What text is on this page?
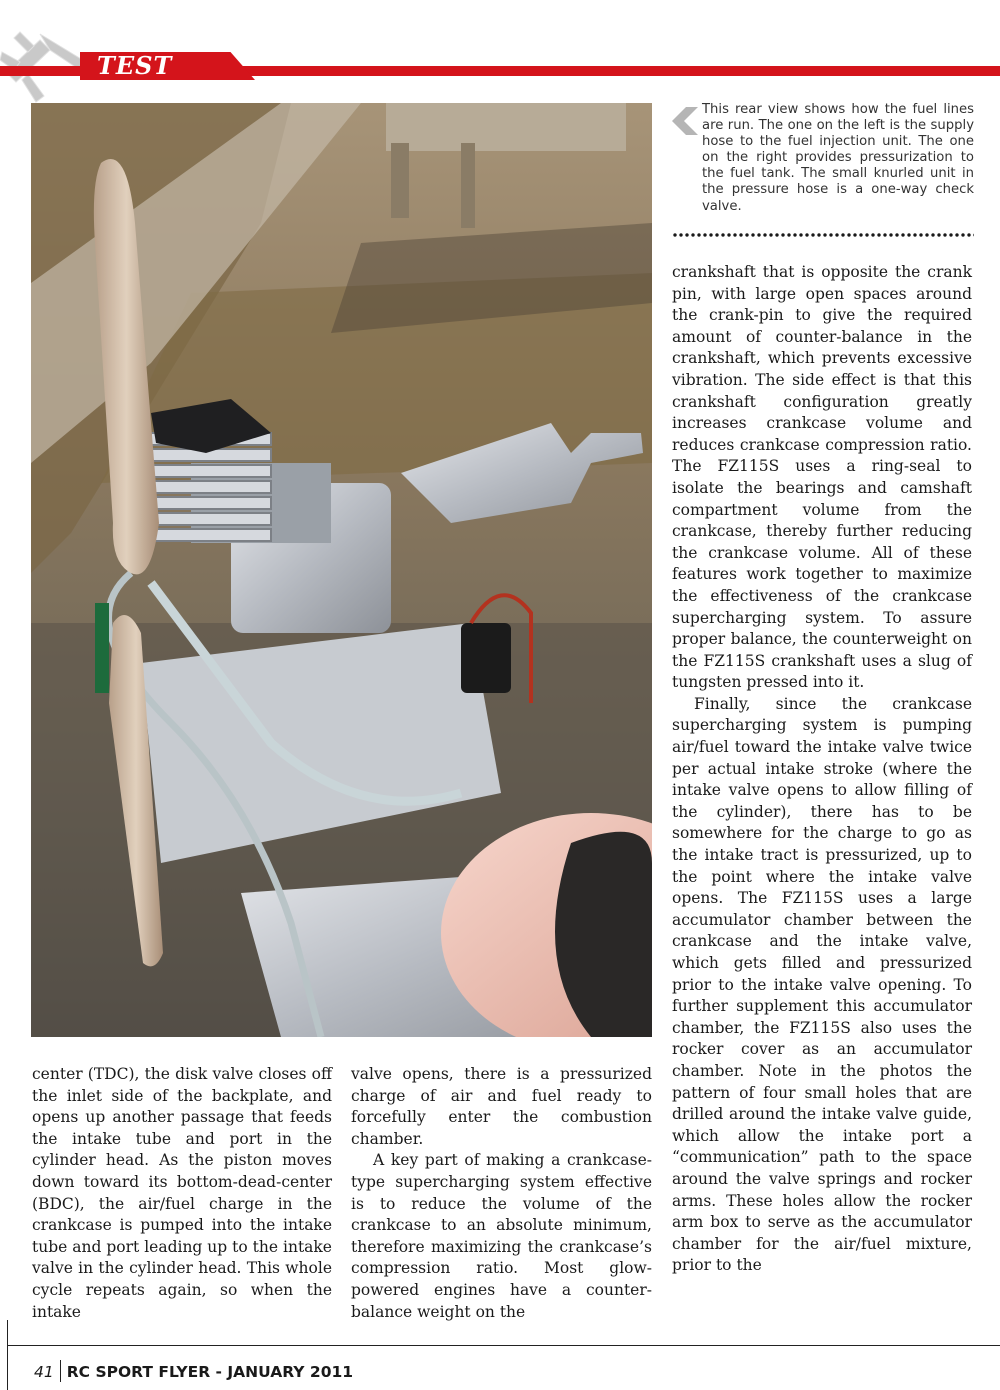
TEST
This rear view shows how the fuel lines are run. The one on the left is the supply hose to the fuel injection unit. The one on the right provides pressurization to the fuel tank. The small knurled unit in the pressure hose is a one-way check valve.

crankshaft that is opposite the crank pin, with large open spaces around the crank-pin to give the required amount of counter-balance in the crankshaft, which prevents excessive vibration. The side effect is that this crankshaft configuration greatly increases crankcase volume and reduces crankcase compression ratio. The FZ115S uses a ring-seal to isolate the bearings and camshaft compartment volume from the crankcase, thereby further reducing the crankcase volume. All of these features work together to maximize the effectiveness of the crankcase supercharging system. To assure proper balance, the counterweight on the FZ115S crankshaft uses a slug of tungsten pressed into it.

Finally, since the crankcase supercharging system is pumping air/fuel toward the intake valve twice per actual intake stroke (where the intake valve opens to allow filling of the cylinder), there has to be somewhere for the charge to go as the intake tract is pressurized, up to the point where the intake valve opens. The FZ115S uses a large accumulator chamber between the crankcase and the intake valve, which gets filled and pressurized prior to the intake valve opening. To further supplement this accumulator chamber, the FZ115S also uses the rocker cover as an accumulator chamber. Note in the photos the pattern of four small holes that are drilled around the intake valve guide, which allow the intake port a “communication” path to the space around the valve springs and rocker arms. These holes allow the rocker arm box to serve as the accumulator chamber for the air/fuel mixture, prior to the

center (TDC), the disk valve closes off the inlet side of the backplate, and opens up another passage that feeds the intake tube and port in the cylinder head. As the piston moves down toward its bottom-dead-center (BDC), the air/fuel charge in the crankcase is pumped into the intake tube and port leading up to the intake valve in the cylinder head. This whole cycle repeats again, so when the intake

valve opens, there is a pressurized charge of air and fuel ready to forcefully enter the combustion chamber.

A key part of making a crankcase-type supercharging system effective is to reduce the volume of the crankcase to an absolute minimum, therefore maximizing the crankcase’s compression ratio. Most glow-powered engines have a counter-balance weight on the

41 RC SPORT FLYER - JANUARY 2011
